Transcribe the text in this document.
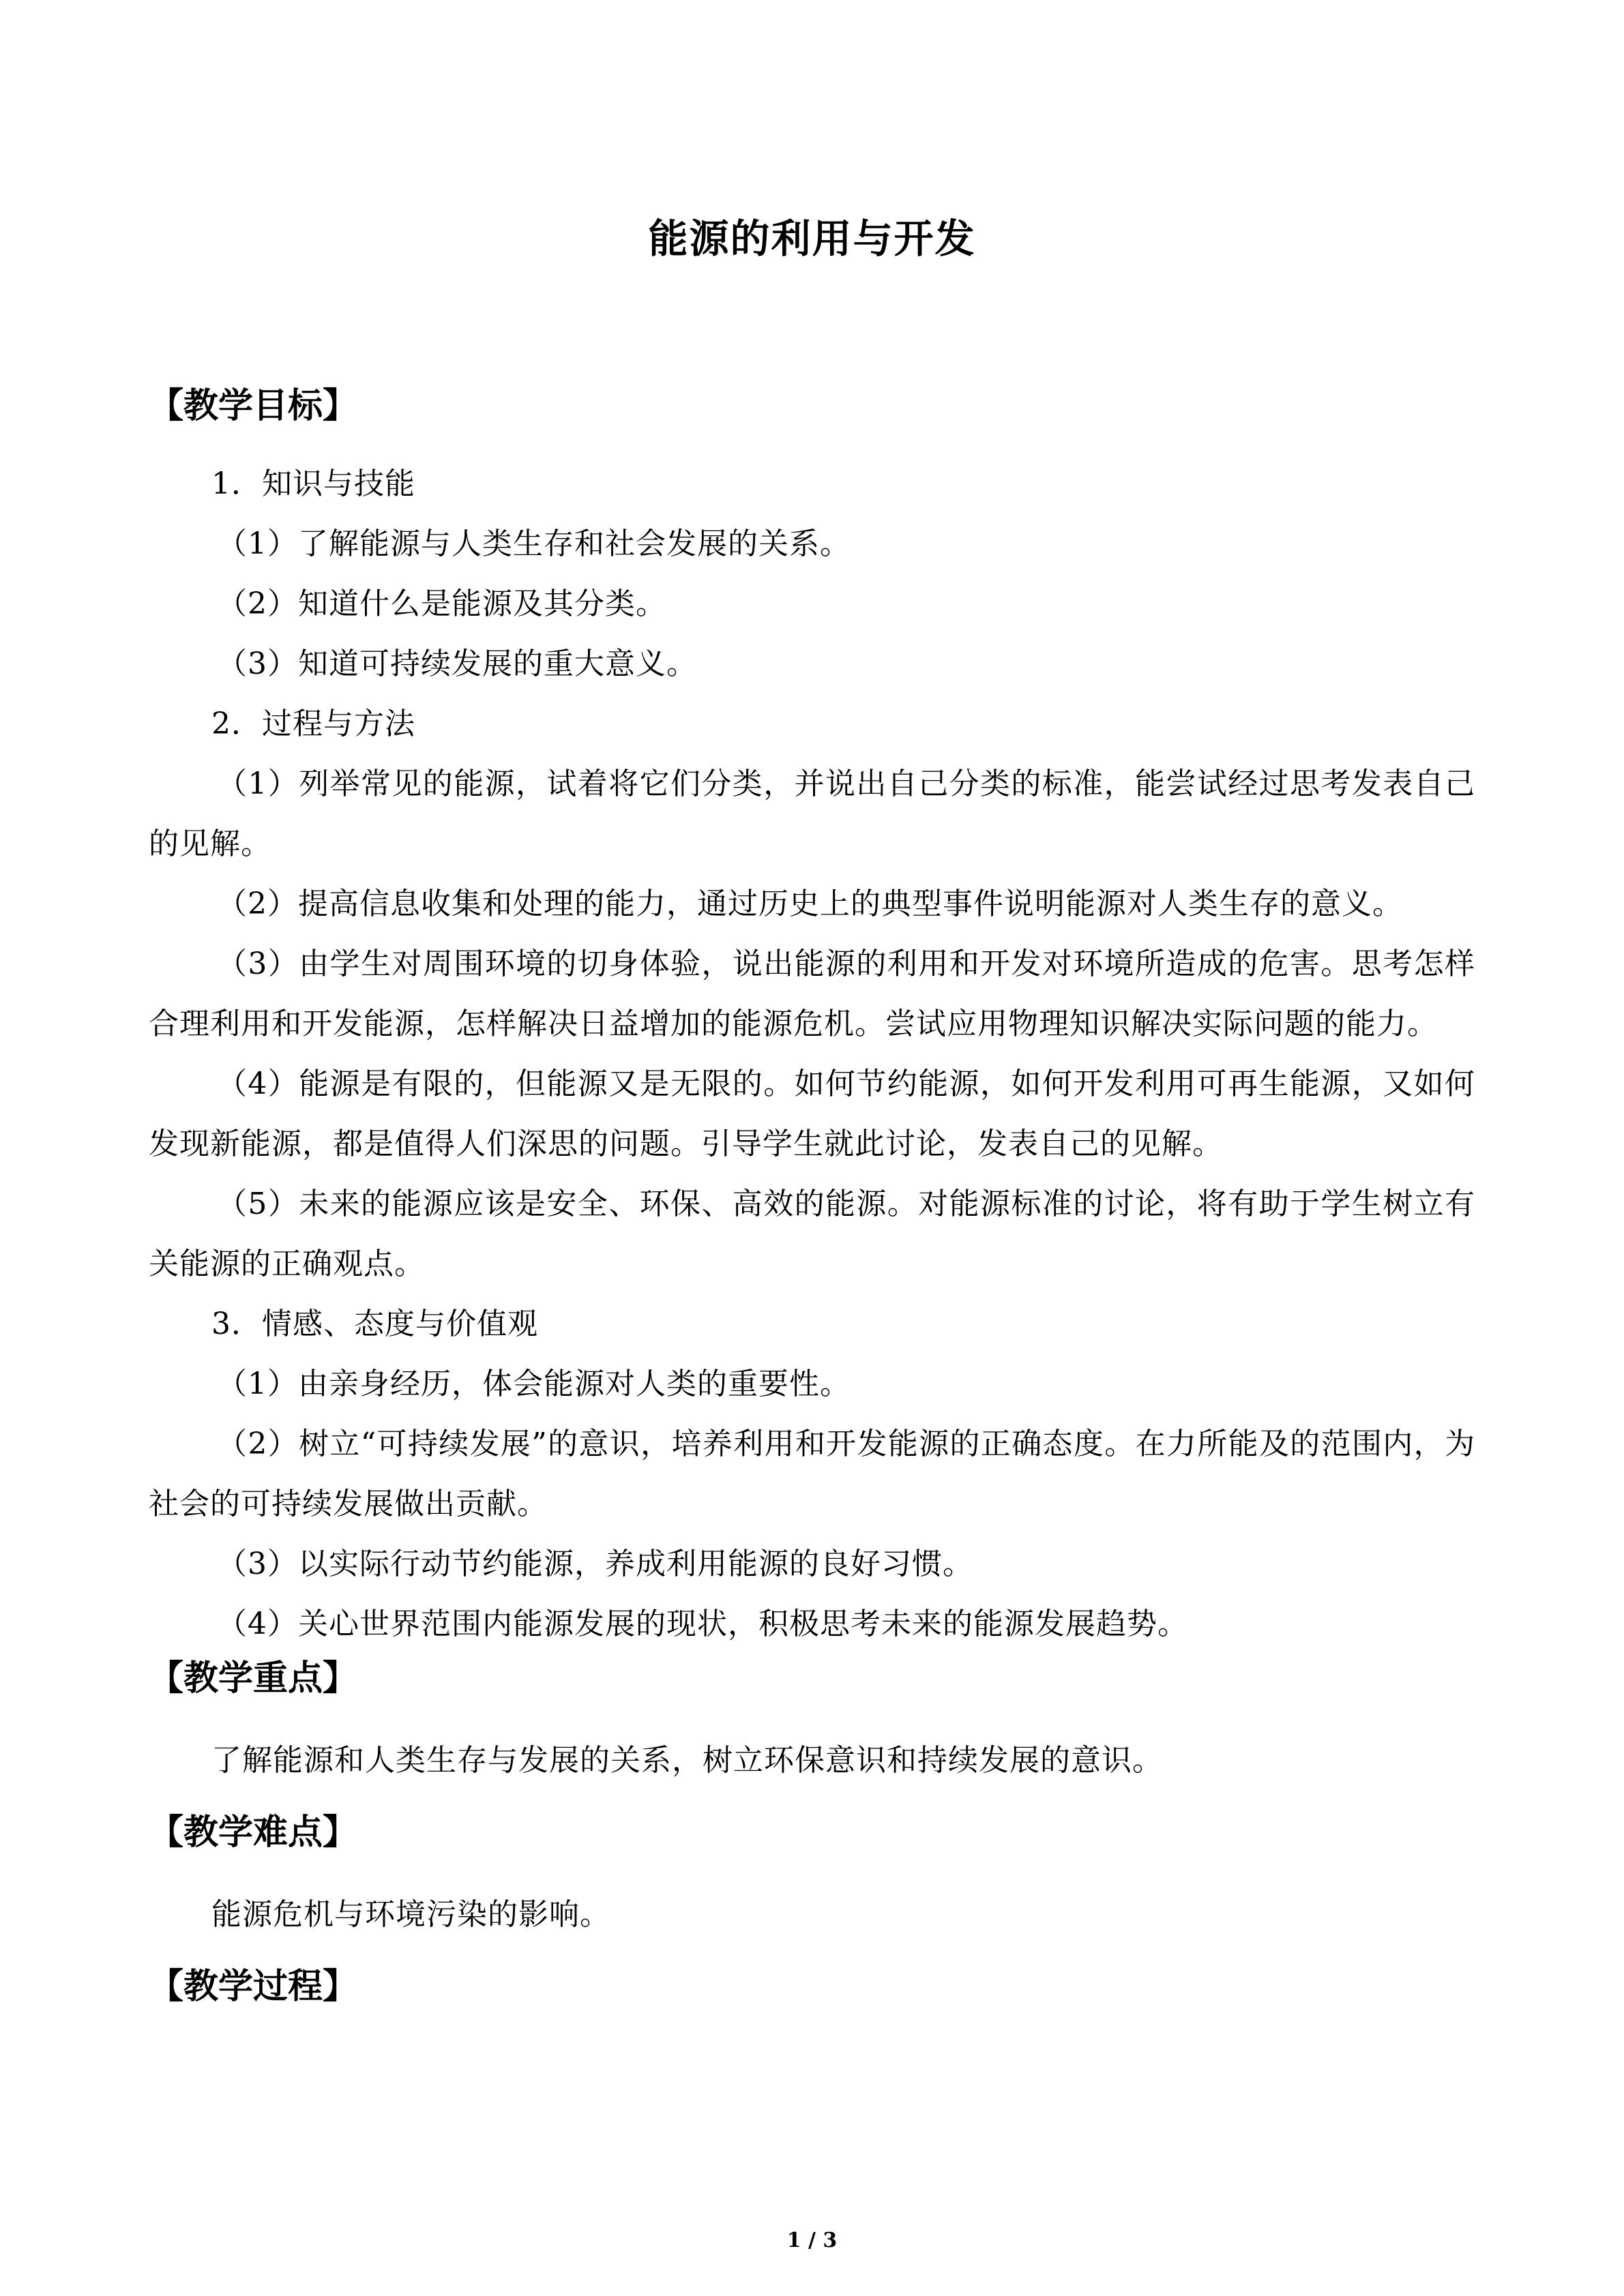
能源的利用与开发
【教学目标】

1．知识与技能

（1）了解能源与人类生存和社会发展的关系。

（2）知道什么是能源及其分类。

（3）知道可持续发展的重大意义。

2．过程与方法

（1）列举常见的能源，试着将它们分类，并说出自己分类的标准，能尝试经过思考发表自己的见解。

（2）提高信息收集和处理的能力，通过历史上的典型事件说明能源对人类生存的意义。

（3）由学生对周围环境的切身体验，说出能源的利用和开发对环境所造成的危害。思考怎样合理利用和开发能源，怎样解决日益增加的能源危机。尝试应用物理知识解决实际问题的能力。

（4）能源是有限的，但能源又是无限的。如何节约能源，如何开发利用可再生能源，又如何发现新能源，都是值得人们深思的问题。引导学生就此讨论，发表自己的见解。

（5）未来的能源应该是安全、环保、高效的能源。对能源标准的讨论，将有助于学生树立有关能源的正确观点。

3．情感、态度与价值观

（1）由亲身经历，体会能源对人类的重要性。

（2）树立“可持续发展”的意识，培养利用和开发能源的正确态度。在力所能及的范围内，为社会的可持续发展做出贡献。

（3）以实际行动节约能源，养成利用能源的良好习惯。

（4）关心世界范围内能源发展的现状，积极思考未来的能源发展趋势。

【教学重点】

了解能源和人类生存与发展的关系，树立环保意识和持续发展的意识。

【教学难点】

能源危机与环境污染的影响。

【教学过程】
1 / 3
